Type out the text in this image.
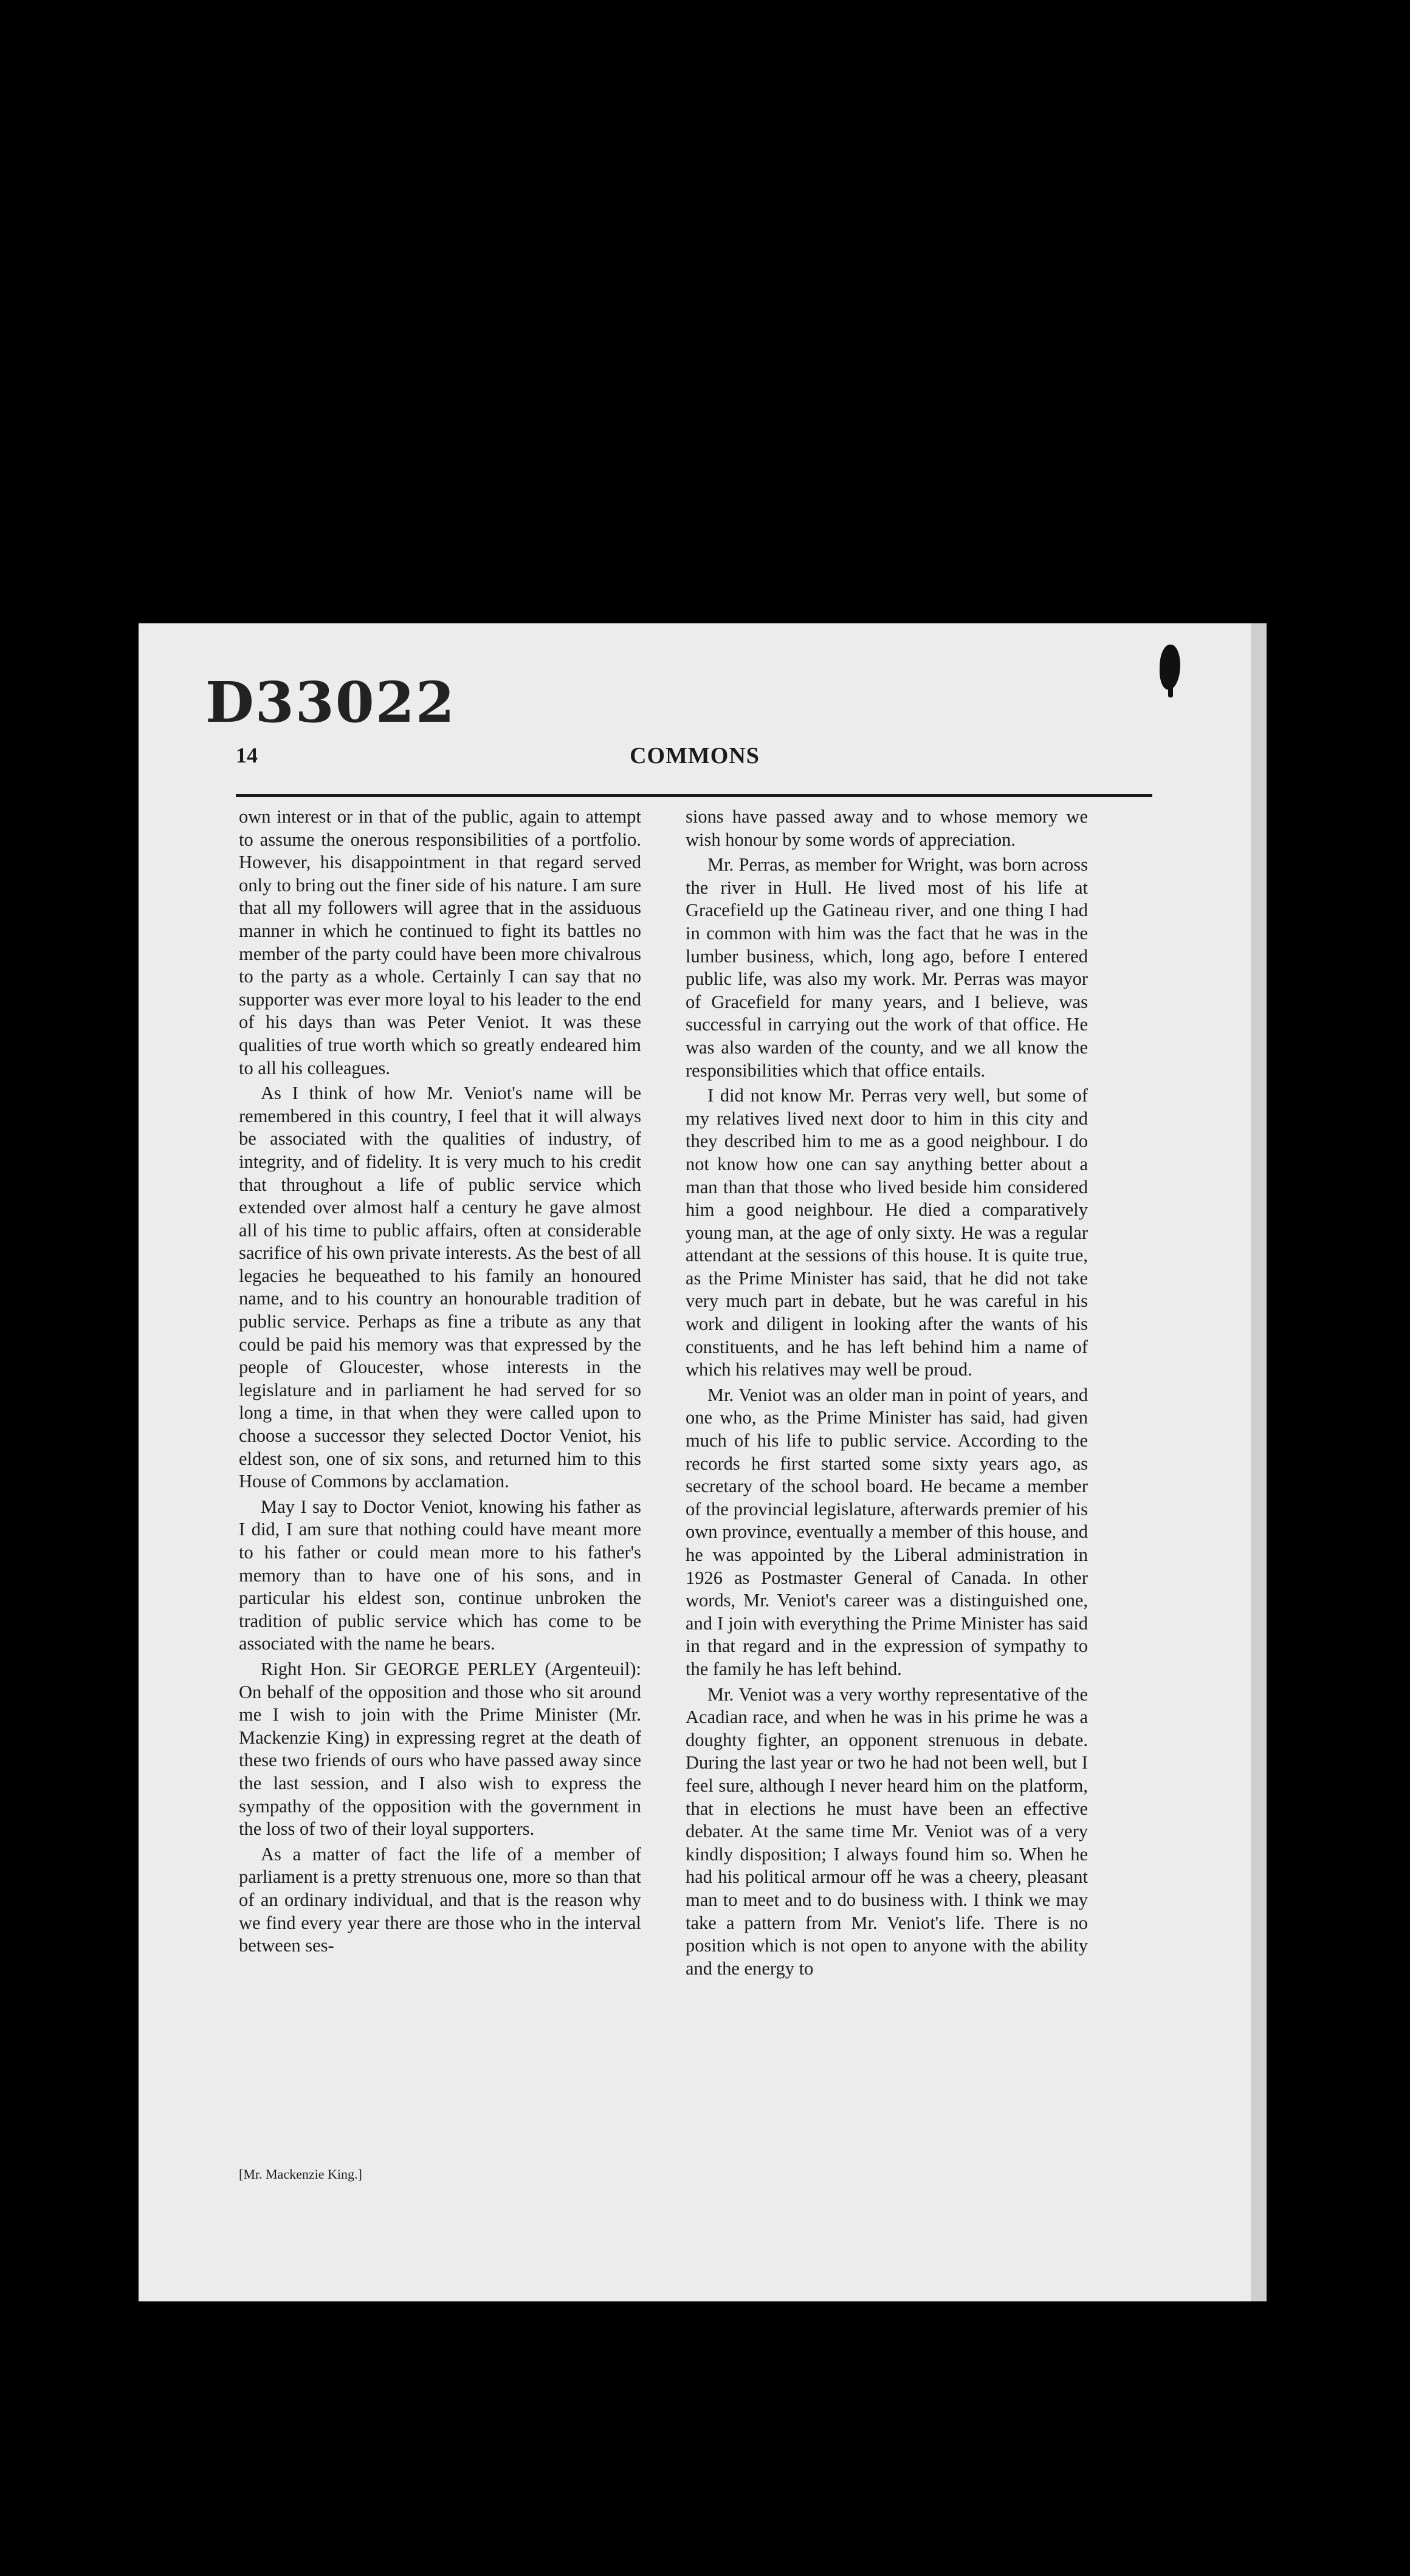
D33022
14	COMMONS

own interest or in that of the public, again to attempt to assume the onerous responsibilities of a portfolio. However, his disappointment in that regard served only to bring out the finer side of his nature. I am sure that all my followers will agree that in the assiduous manner in which he continued to fight its battles no member of the party could have been more chivalrous to the party as a whole. Certainly I can say that no supporter was ever more loyal to his leader to the end of his days than was Peter Veniot. It was these qualities of true worth which so greatly endeared him to all his colleagues.

As I think of how Mr. Veniot's name will be remembered in this country, I feel that it will always be associated with the qualities of industry, of integrity, and of fidelity. It is very much to his credit that throughout a life of public service which extended over almost half a century he gave almost all of his time to public affairs, often at considerable sacrifice of his own private interests. As the best of all legacies he bequeathed to his family an honoured name, and to his country an honourable tradition of public service. Perhaps as fine a tribute as any that could be paid his memory was that expressed by the people of Gloucester, whose interests in the legislature and in parliament he had served for so long a time, in that when they were called upon to choose a successor they selected Doctor Veniot, his eldest son, one of six sons, and returned him to this House of Commons by acclamation.

May I say to Doctor Veniot, knowing his father as I did, I am sure that nothing could have meant more to his father or could mean more to his father's memory than to have one of his sons, and in particular his eldest son, continue unbroken the tradition of public service which has come to be associated with the name he bears.

Right Hon. Sir GEORGE PERLEY (Argenteuil): On behalf of the opposition and those who sit around me I wish to join with the Prime Minister (Mr. Mackenzie King) in expressing regret at the death of these two friends of ours who have passed away since the last session, and I also wish to express the sympathy of the opposition with the government in the loss of two of their loyal supporters.

As a matter of fact the life of a member of parliament is a pretty strenuous one, more so than that of an ordinary individual, and that is the reason why we find every year there are those who in the interval between ses-

[Mr. Mackenzie King.]

sions have passed away and to whose memory we wish honour by some words of appreciation.

Mr. Perras, as member for Wright, was born across the river in Hull. He lived most of his life at Gracefield up the Gatineau river, and one thing I had in common with him was the fact that he was in the lumber business, which, long ago, before I entered public life, was also my work. Mr. Perras was mayor of Gracefield for many years, and I believe, was successful in carrying out the work of that office. He was also warden of the county, and we all know the responsibilities which that office entails.

I did not know Mr. Perras very well, but some of my relatives lived next door to him in this city and they described him to me as a good neighbour. I do not know how one can say anything better about a man than that those who lived beside him considered him a good neighbour. He died a comparatively young man, at the age of only sixty. He was a regular attendant at the sessions of this house. It is quite true, as the Prime Minister has said, that he did not take very much part in debate, but he was careful in his work and diligent in looking after the wants of his constituents, and he has left behind him a name of which his relatives may well be proud.

Mr. Veniot was an older man in point of years, and one who, as the Prime Minister has said, had given much of his life to public service. According to the records he first started some sixty years ago, as secretary of the school board. He became a member of the provincial legislature, afterwards premier of his own province, eventually a member of this house, and he was appointed by the Liberal administration in 1926 as Postmaster General of Canada. In other words, Mr. Veniot's career was a distinguished one, and I join with everything the Prime Minister has said in that regard and in the expression of sympathy to the family he has left behind.

Mr. Veniot was a very worthy representative of the Acadian race, and when he was in his prime he was a doughty fighter, an opponent strenuous in debate. During the last year or two he had not been well, but I feel sure, although I never heard him on the platform, that in elections he must have been an effective debater. At the same time Mr. Veniot was of a very kindly disposition; I always found him so. When he had his political armour off he was a cheery, pleasant man to meet and to do business with. I think we may take a pattern from Mr. Veniot's life. There is no position which is not open to anyone with the ability and the energy to
